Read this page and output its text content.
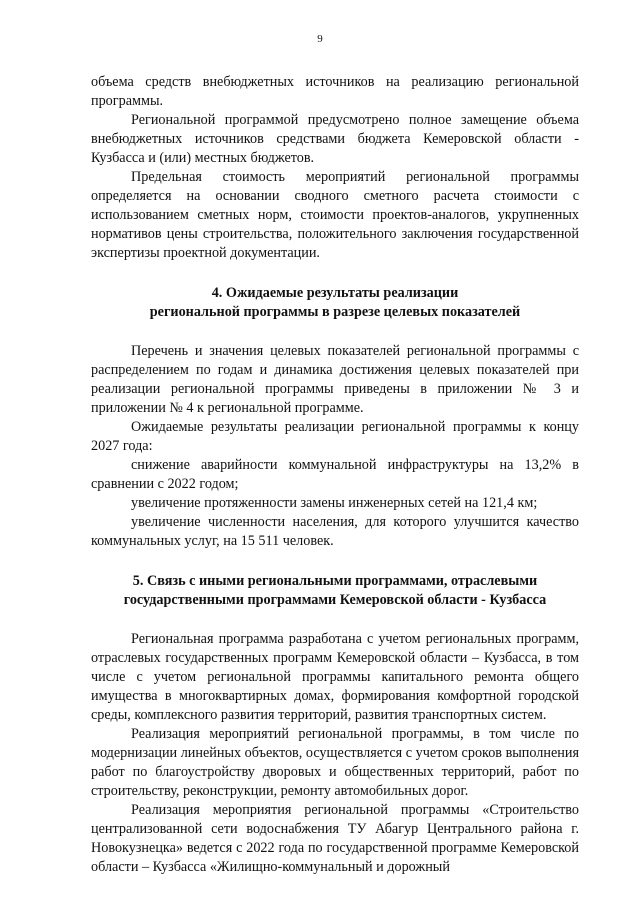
9

объема средств внебюджетных источников на реализацию региональной программы.

Региональной программой предусмотрено полное замещение объема внебюджетных источников средствами бюджета Кемеровской области - Кузбасса и (или) местных бюджетов.

Предельная стоимость мероприятий региональной программы определяется на основании сводного сметного расчета стоимости с использованием сметных норм, стоимости проектов-аналогов, укрупненных нормативов цены строительства, положительного заключения государственной экспертизы проектной документации.

4. Ожидаемые результаты реализации
региональной программы в разрезе целевых показателей

Перечень и значения целевых показателей региональной программы с распределением по годам и динамика достижения целевых показателей при реализации региональной программы приведены в приложении № 3 и приложении № 4 к региональной программе.

Ожидаемые результаты реализации региональной программы к концу 2027 года:

снижение аварийности коммунальной инфраструктуры на 13,2% в сравнении с 2022 годом;

увеличение протяженности замены инженерных сетей на 121,4 км;

увеличение численности населения, для которого улучшится качество коммунальных услуг, на 15 511 человек.

5. Связь с иными региональными программами, отраслевыми
государственными программами Кемеровской области - Кузбасса

Региональная программа разработана с учетом региональных программ, отраслевых государственных программ Кемеровской области – Кузбасса, в том числе с учетом региональной программы капитального ремонта общего имущества в многоквартирных домах, формирования комфортной городской среды, комплексного развития территорий, развития транспортных систем.

Реализация мероприятий региональной программы, в том числе по модернизации линейных объектов, осуществляется с учетом сроков выполнения работ по благоустройству дворовых и общественных территорий, работ по строительству, реконструкции, ремонту автомобильных дорог.

Реализация мероприятия региональной программы «Строительство централизованной сети водоснабжения ТУ Абагур Центрального района г. Новокузнецка» ведется с 2022 года по государственной программе Кемеровской области – Кузбасса «Жилищно-коммунальный и дорожный
